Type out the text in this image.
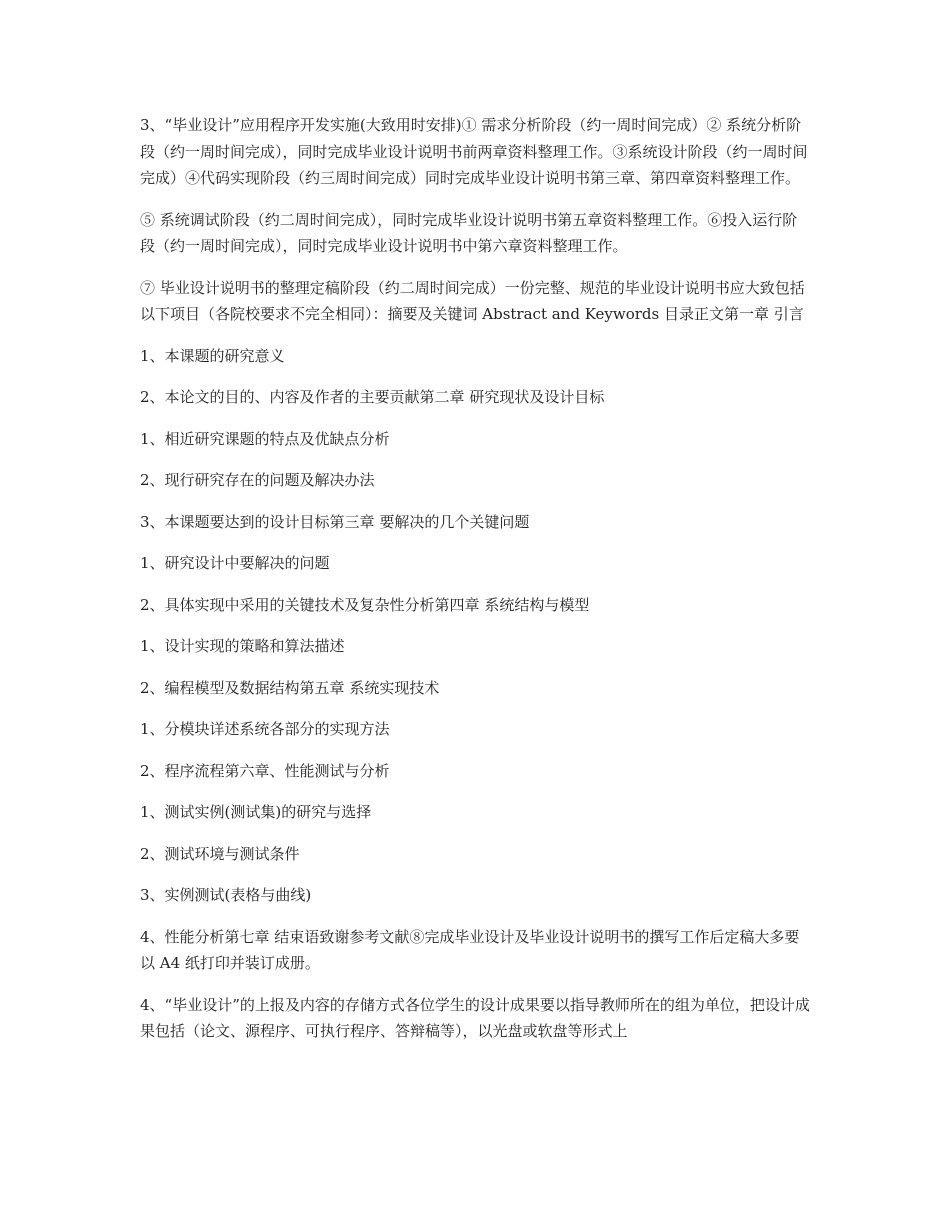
3、“毕业设计”应用程序开发实施(大致用时安排)① 需求分析阶段（约一周时间完成）② 系统分析阶段（约一周时间完成），同时完成毕业设计说明书前两章资料整理工作。③系统设计阶段（约一周时间完成）④代码实现阶段（约三周时间完成）同时完成毕业设计说明书第三章、第四章资料整理工作。

⑤ 系统调试阶段（约二周时间完成），同时完成毕业设计说明书第五章资料整理工作。⑥投入运行阶段（约一周时间完成），同时完成毕业设计说明书中第六章资料整理工作。

⑦ 毕业设计说明书的整理定稿阶段（约二周时间完成）一份完整、规范的毕业设计说明书应大致包括以下项目（各院校要求不完全相同）：摘要及关键词 Abstract and Keywords 目录正文第一章 引言

1、本课题的研究意义

2、本论文的目的、内容及作者的主要贡献第二章 研究现状及设计目标

1、相近研究课题的特点及优缺点分析

2、现行研究存在的问题及解决办法

3、本课题要达到的设计目标第三章 要解决的几个关键问题

1、研究设计中要解决的问题

2、具体实现中采用的关键技术及复杂性分析第四章 系统结构与模型

1、设计实现的策略和算法描述

2、编程模型及数据结构第五章 系统实现技术

1、分模块详述系统各部分的实现方法

2、程序流程第六章、性能测试与分析

1、测试实例(测试集)的研究与选择

2、测试环境与测试条件

3、实例测试(表格与曲线)

4、性能分析第七章 结束语致谢参考文献⑧完成毕业设计及毕业设计说明书的撰写工作后定稿大多要以 A4 纸打印并装订成册。

4、“毕业设计”的上报及内容的存储方式各位学生的设计成果要以指导教师所在的组为单位，把设计成果包括（论文、源程序、可执行程序、答辩稿等），以光盘或软盘等形式上
